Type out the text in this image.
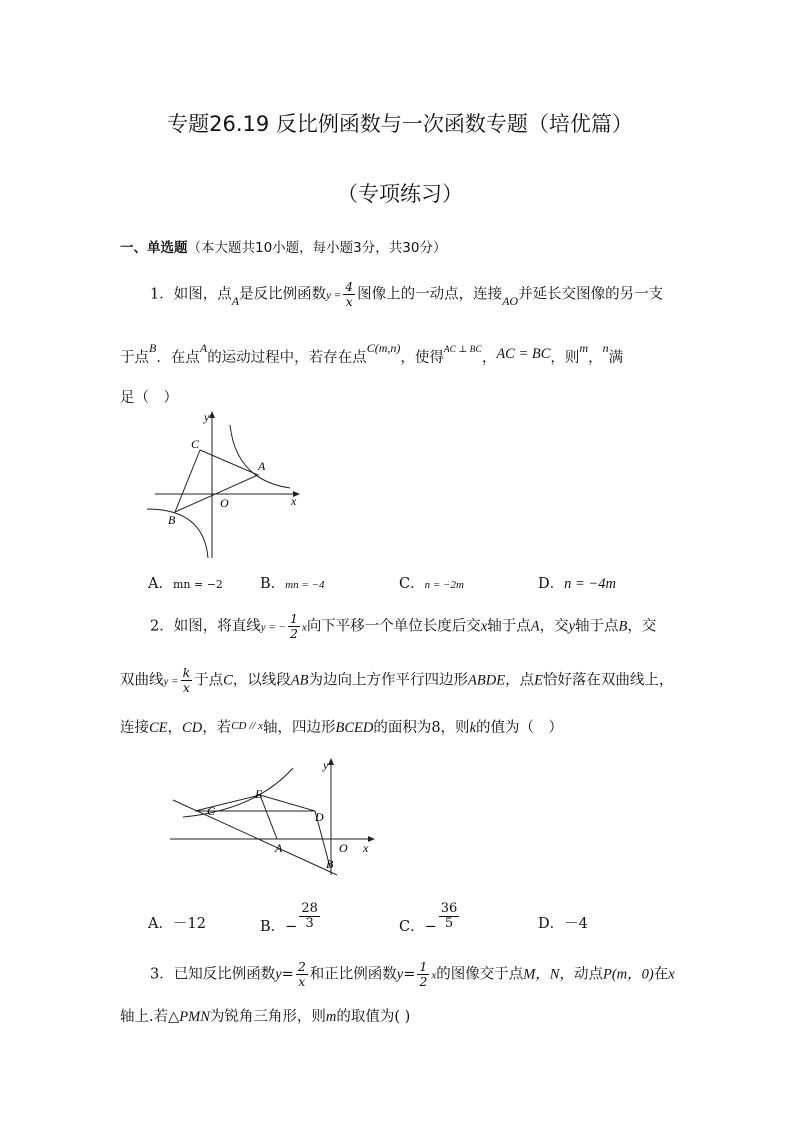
专题26.19 反比例函数与一次函数专题（培优篇）
（专项练习）
一、单选题（本大题共10小题，每小题3分，共30分）
1．如图，点$_A$是反比例函数$y = \frac{4}{x}$ 图像上的一动点，连接$_{AO}$并延长交图像的另一支
于点$^B$．在点$^A$的运动过程中，若存在点$^{C(m,n)}$，使得$^{AC \perp BC}$，AC = BC，则$^m$，$^n$满
足（　）
y
x
C
A
O
B
A．mn = −2	B．mn = −4	C．n = −2m	D．n = −4m
2．如图，将直线y = − $\frac{1}{2}$ x向下平移一个单位长度后交x轴于点A，交y轴于点B，交
双曲线$y = \frac{k}{x}$ 于点C，以线段AB为边向上方作平行四边形ABDE，点E恰好落在双曲线上，
连接CE，CD，若$^{CD // x}$轴，四边形BCED的面积为8，则k的值为（　）
y
x
C
E
D
A	O
B
A．－12	B．− $\frac{28}{3}$	C．− $\frac{36}{5}$	D．－4
3．已知反比例函数$y= \frac{2}{x}$ 和正比例函数$y= \frac{1}{2}$ x的图像交于点M，N，动点P(m，0)在x
轴上.若△PMN为锐角三角形，则m的取值为( )
